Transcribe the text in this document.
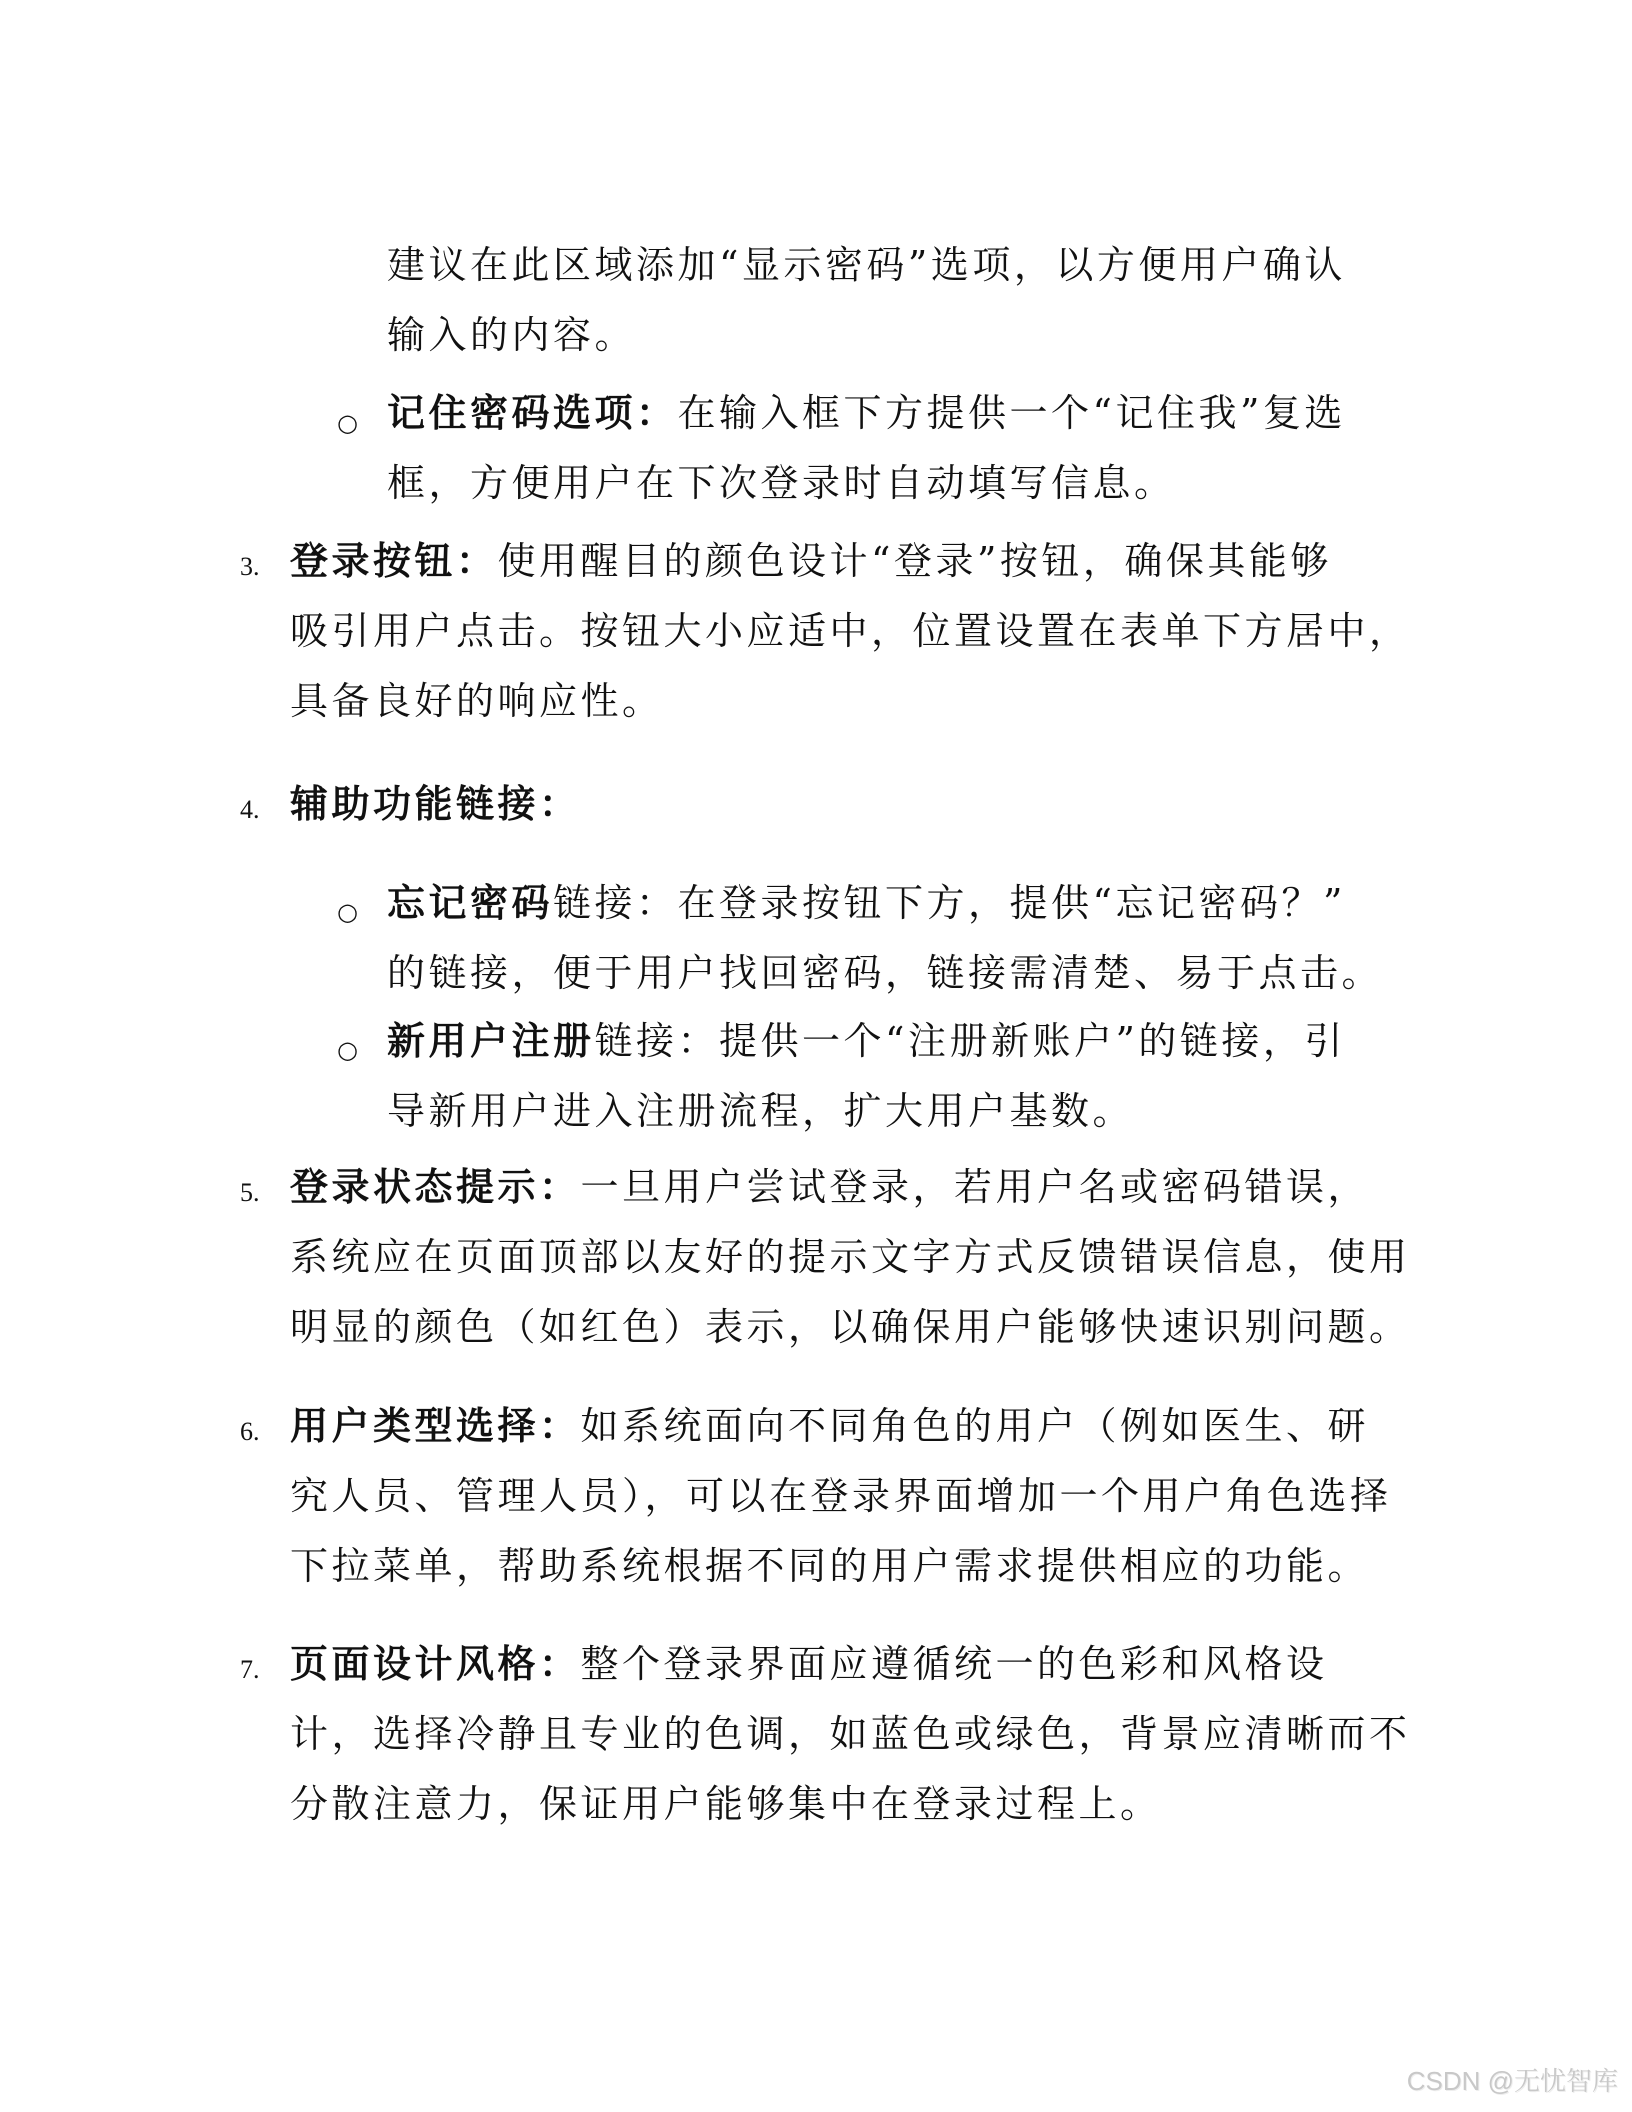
建议在此区域添加“显示密码”选项，以方便用户确认
输入的内容。
○ 记住密码选项：在输入框下方提供一个“记住我”复选
框，方便用户在下次登录时自动填写信息。
3. 登录按钮：使用醒目的颜色设计“登录”按钮，确保其能够
吸引用户点击。按钮大小应适中，位置设置在表单下方居中，
具备良好的响应性。
4. 辅助功能链接：
○ 忘记密码链接：在登录按钮下方，提供“忘记密码？”
的链接，便于用户找回密码，链接需清楚、易于点击。
○ 新用户注册链接：提供一个“注册新账户”的链接，引
导新用户进入注册流程，扩大用户基数。
5. 登录状态提示：一旦用户尝试登录，若用户名或密码错误，
系统应在页面顶部以友好的提示文字方式反馈错误信息，使用
明显的颜色（如红色）表示，以确保用户能够快速识别问题。
6. 用户类型选择：如系统面向不同角色的用户（例如医生、研
究人员、管理人员），可以在登录界面增加一个用户角色选择
下拉菜单，帮助系统根据不同的用户需求提供相应的功能。
7. 页面设计风格：整个登录界面应遵循统一的色彩和风格设
计，选择冷静且专业的色调，如蓝色或绿色，背景应清晰而不
分散注意力，保证用户能够集中在登录过程上。
CSDN @无忧智库
